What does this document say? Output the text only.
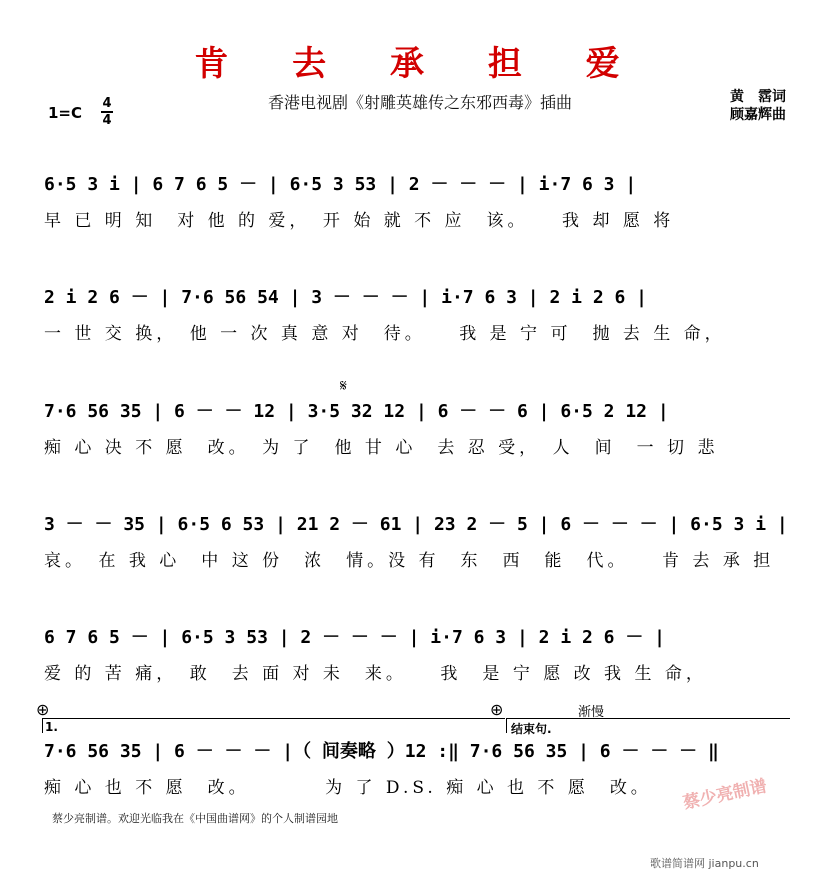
肯 去 承 担 爱
香港电视剧《射雕英雄传之东邪西毒》插曲
1=C
4
4
黄　霑词
顾嘉辉曲
6·5 3 i | 6 7 6 5 － | 6·5 3 53 | 2 － － － | i·7 6 3 |
早 已 明 知　对 他 的 爱，　开 始 就 不 应　该。　　我 却 愿 将
2 i 2 6 － | 7·6 56 54 | 3 － － － | i·7 6 3 | 2 i 2 6 |
一 世 交 换，　他 一 次 真 意 对　待。　　我 是 宁 可　抛 去 生 命，
𝄋
7·6 56 35 | 6 － － 12 | 3·5 32 12 | 6 － － 6 | 6·5 2 12 |
痴 心 决 不 愿　改。　为 了　他 甘 心　去 忍 受，　人　间　一 切 悲
3 － － 35 | 6·5 6 53 | 21 2 － 61 | 23 2 － 5 | 6 － － － | 6·5 3 i |
哀。　在 我 心　中 这 份　浓　情。没 有　东　西　能　代。　　肯 去 承 担
6 7 6 5 － | 6·5 3 53 | 2 － － － | i·7 6 3 | 2 i 2 6 － |
爱 的 苦 痛，　敢　去 面 对 未　来。　　我　是 宁 愿 改 我 生 命，
⊕	⊕	渐慢
1.	结束句.
7·6 56 35 | 6 － － － |（ 间奏略 ）12 :‖ 7·6 56 35 | 6 － － － ‖
痴 心 也 不 愿　改。　　　　为 了 D.S. 痴 心 也 不 愿　改。
蔡少亮制谱。欢迎光临我在《中国曲谱网》的个人制谱园地
蔡少亮制谱
歌谱简谱网 jianpu.cn
